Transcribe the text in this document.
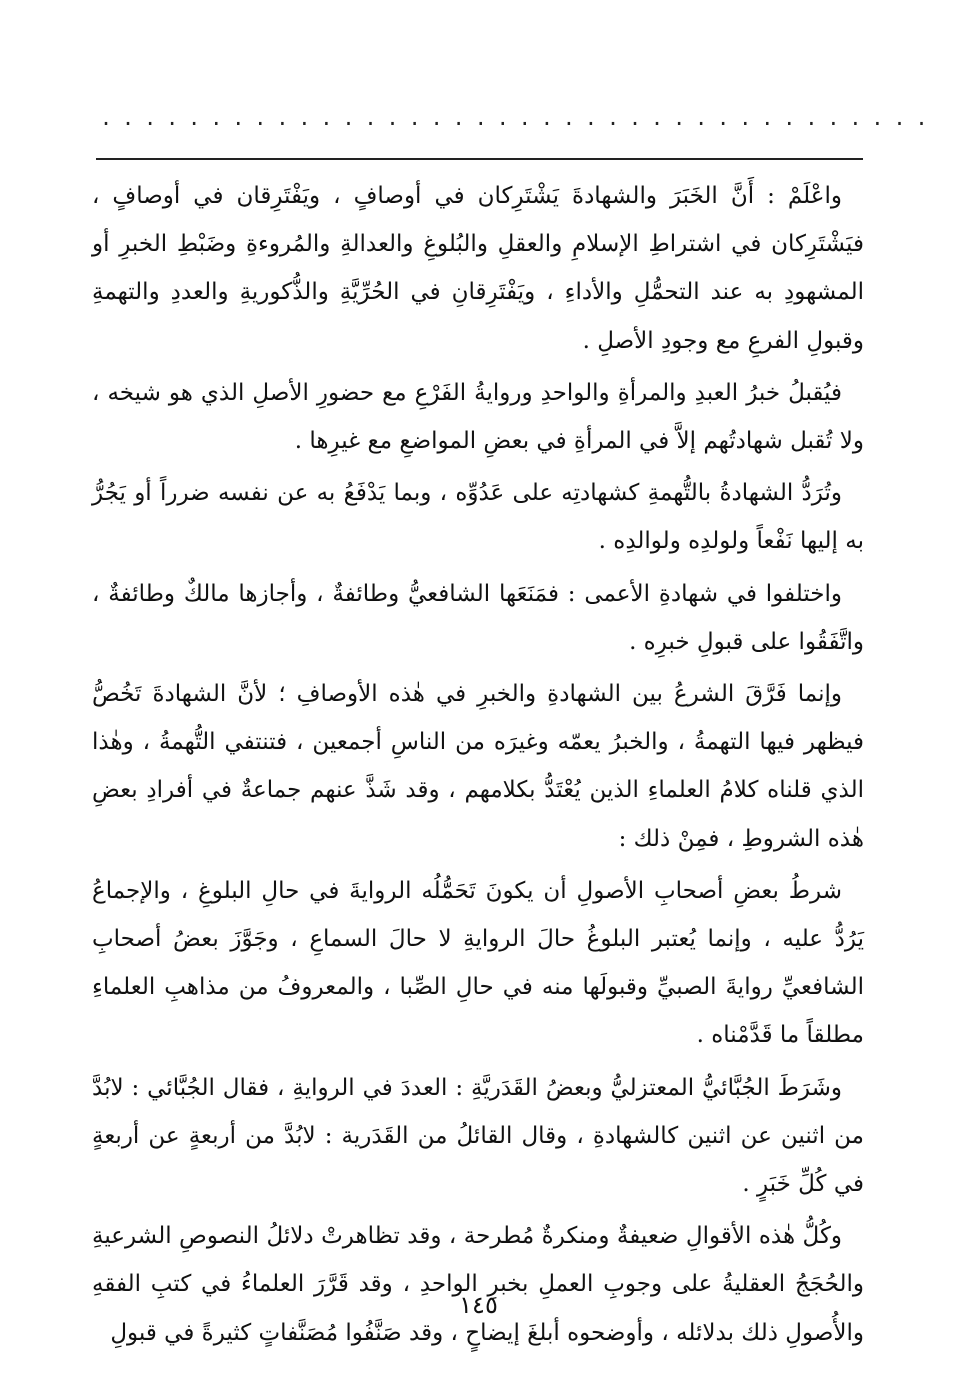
......................................

واعْلَمْ : أَنَّ الخَبَرَ والشهادةَ يَشْتَرِكان في أوصافٍ ، ويَفْتَرِقان في أوصافٍ ، فيَشْتَرِكان في اشتراطِ الإسلامِ والعقلِ والبُلوغِ والعدالةِ والمُروءةِ وضَبْطِ الخبرِ أو المشهودِ به عند التحمُّلِ والأداءِ ، ويَفْتَرِقانِ في الحُرِّيَّةِ والذُّكوريةِ والعددِ والتهمةِ وقبولِ الفرعِ مع وجودِ الأصلِ .

فيُقبلُ خبرُ العبدِ والمرأةِ والواحدِ وروايةُ الفَرْعِ مع حضورِ الأصلِ الذي هو شيخه ، ولا تُقبل شهادتُهم إلاَّ في المرأةِ في بعضِ المواضعِ مع غيرِها .

وتُرَدُّ الشهادةُ بالتُّهمةِ كشهادتِه على عَدُوِّه ، وبما يَدْفَعُ به عن نفسه ضرراً أو يَجُرُّ به إليها نَفْعاً ولولدِه ولوالدِه .

واختلفوا في شهادةِ الأعمى : فمَنَعَها الشافعيُّ وطائفةٌ ، وأجازها مالكٌ وطائفةٌ ، واتَّفَقُوا على قبولِ خبرِه .

وإنما فَرَّقَ الشرعُ بين الشهادةِ والخبرِ في هٰذه الأوصافِ ؛ لأنَّ الشهادةَ تَخُصُّ فيظهر فيها التهمةُ ، والخبرُ يعمّه وغيرَه من الناسِ أجمعين ، فتنتفي التُّهمةُ ، وهٰذا الذي قلناه كلامُ العلماءِ الذين يُعْتَدُّ بكلامهم ، وقد شَذَّ عنهم جماعةٌ في أفرادِ بعضِ هٰذه الشروطِ ، فمِنْ ذلك :

شرطُ بعضِ أصحابِ الأصولِ أن يكونَ تَحَمُّلُه الروايةَ في حالِ البلوغِ ، والإجماعُ يَرُدُّ عليه ، وإنما يُعتبر البلوغُ حالَ الروايةِ لا حالَ السماعِ ، وجَوَّزَ بعضُ أصحابِ الشافعيِّ روايةَ الصبيِّ وقبولَها منه في حالِ الصِّبا ، والمعروفُ من مذاهبِ العلماءِ مطلقاً ما قَدَّمْناه .

وشَرَطَ الجُبَّائيُّ المعتزليُّ وبعضُ القَدَريَّةِ : العددَ في الروايةِ ، فقال الجُبَّائي : لابُدَّ من اثنين عن اثنين كالشهادةِ ، وقال القائلُ من القَدَرية : لابُدَّ من أربعةٍ عن أربعةٍ في كُلِّ خَبَرٍ .

وكُلُّ هٰذه الأقوالِ ضعيفةٌ ومنكرةٌ مُطرحة ، وقد تظاهرتْ دلائلُ النصوصِ الشرعيةِ والحُجَجُ العقليةُ على وجوبِ العملِ بخبرِ الواحدِ ، وقد قَرَّرَ العلماءُ في كتبِ الفقهِ والأُصولِ ذلك بدلائله ، وأوضحوه أبلغَ إيضاحٍ ، وقد صَنَّفُوا مُصَنَّفاتٍ كثيرةً في قبولِ

١٤٥
